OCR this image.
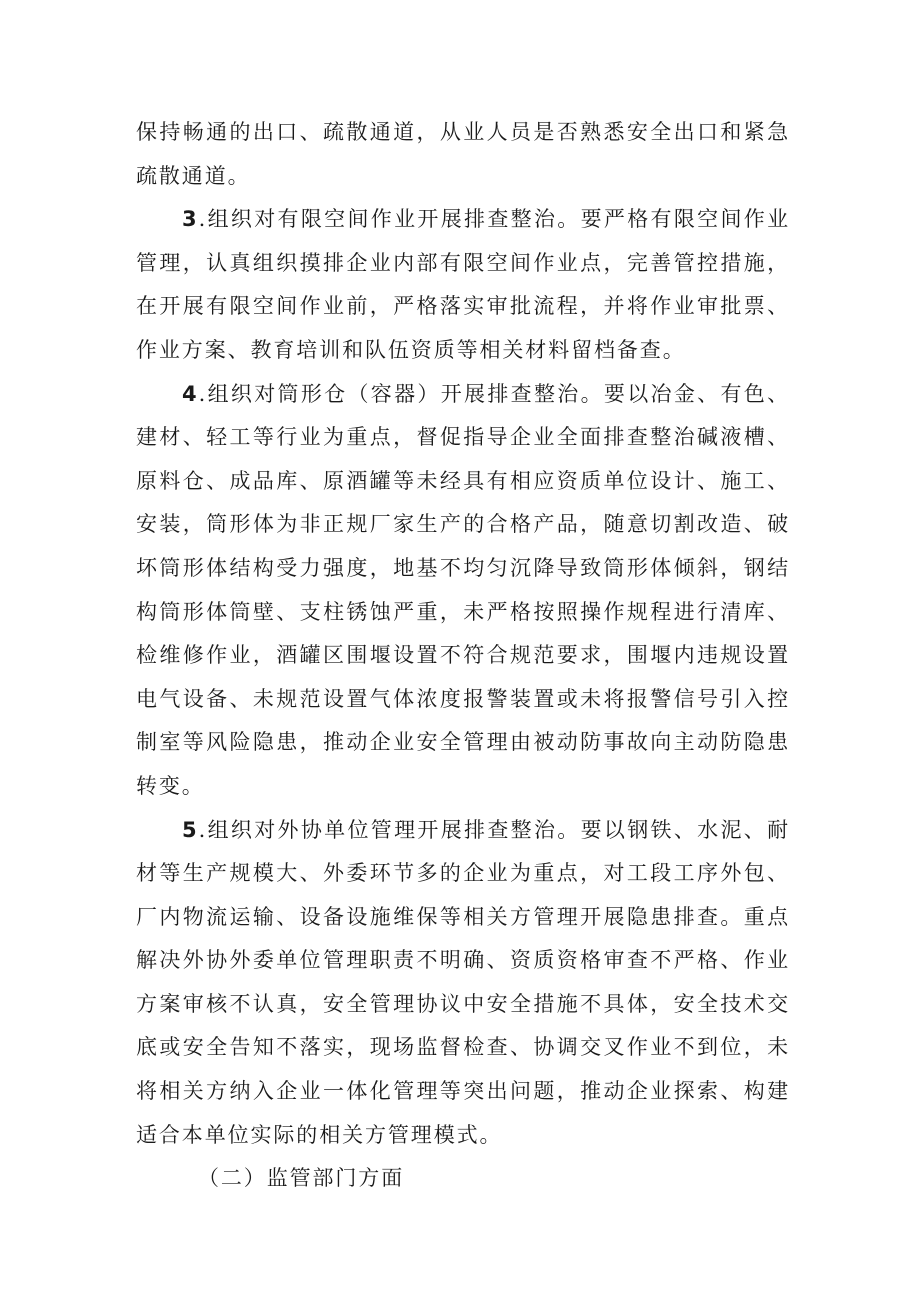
保持畅通的出口、疏散通道，从业人员是否熟悉安全出口和紧急疏散通道。

3.组织对有限空间作业开展排查整治。要严格有限空间作业管理，认真组织摸排企业内部有限空间作业点，完善管控措施，在开展有限空间作业前，严格落实审批流程，并将作业审批票、作业方案、教育培训和队伍资质等相关材料留档备查。

4.组织对筒形仓（容器）开展排查整治。要以冶金、有色、建材、轻工等行业为重点，督促指导企业全面排查整治碱液槽、原料仓、成品库、原酒罐等未经具有相应资质单位设计、施工、安装，筒形体为非正规厂家生产的合格产品，随意切割改造、破坏筒形体结构受力强度，地基不均匀沉降导致筒形体倾斜，钢结构筒形体筒壁、支柱锈蚀严重，未严格按照操作规程进行清库、检维修作业，酒罐区围堰设置不符合规范要求，围堰内违规设置电气设备、未规范设置气体浓度报警装置或未将报警信号引入控制室等风险隐患，推动企业安全管理由被动防事故向主动防隐患转变。

5.组织对外协单位管理开展排查整治。要以钢铁、水泥、耐材等生产规模大、外委环节多的企业为重点，对工段工序外包、厂内物流运输、设备设施维保等相关方管理开展隐患排查。重点解决外协外委单位管理职责不明确、资质资格审查不严格、作业方案审核不认真，安全管理协议中安全措施不具体，安全技术交底或安全告知不落实，现场监督检查、协调交叉作业不到位，未将相关方纳入企业一体化管理等突出问题，推动企业探索、构建适合本单位实际的相关方管理模式。

（二）监管部门方面
